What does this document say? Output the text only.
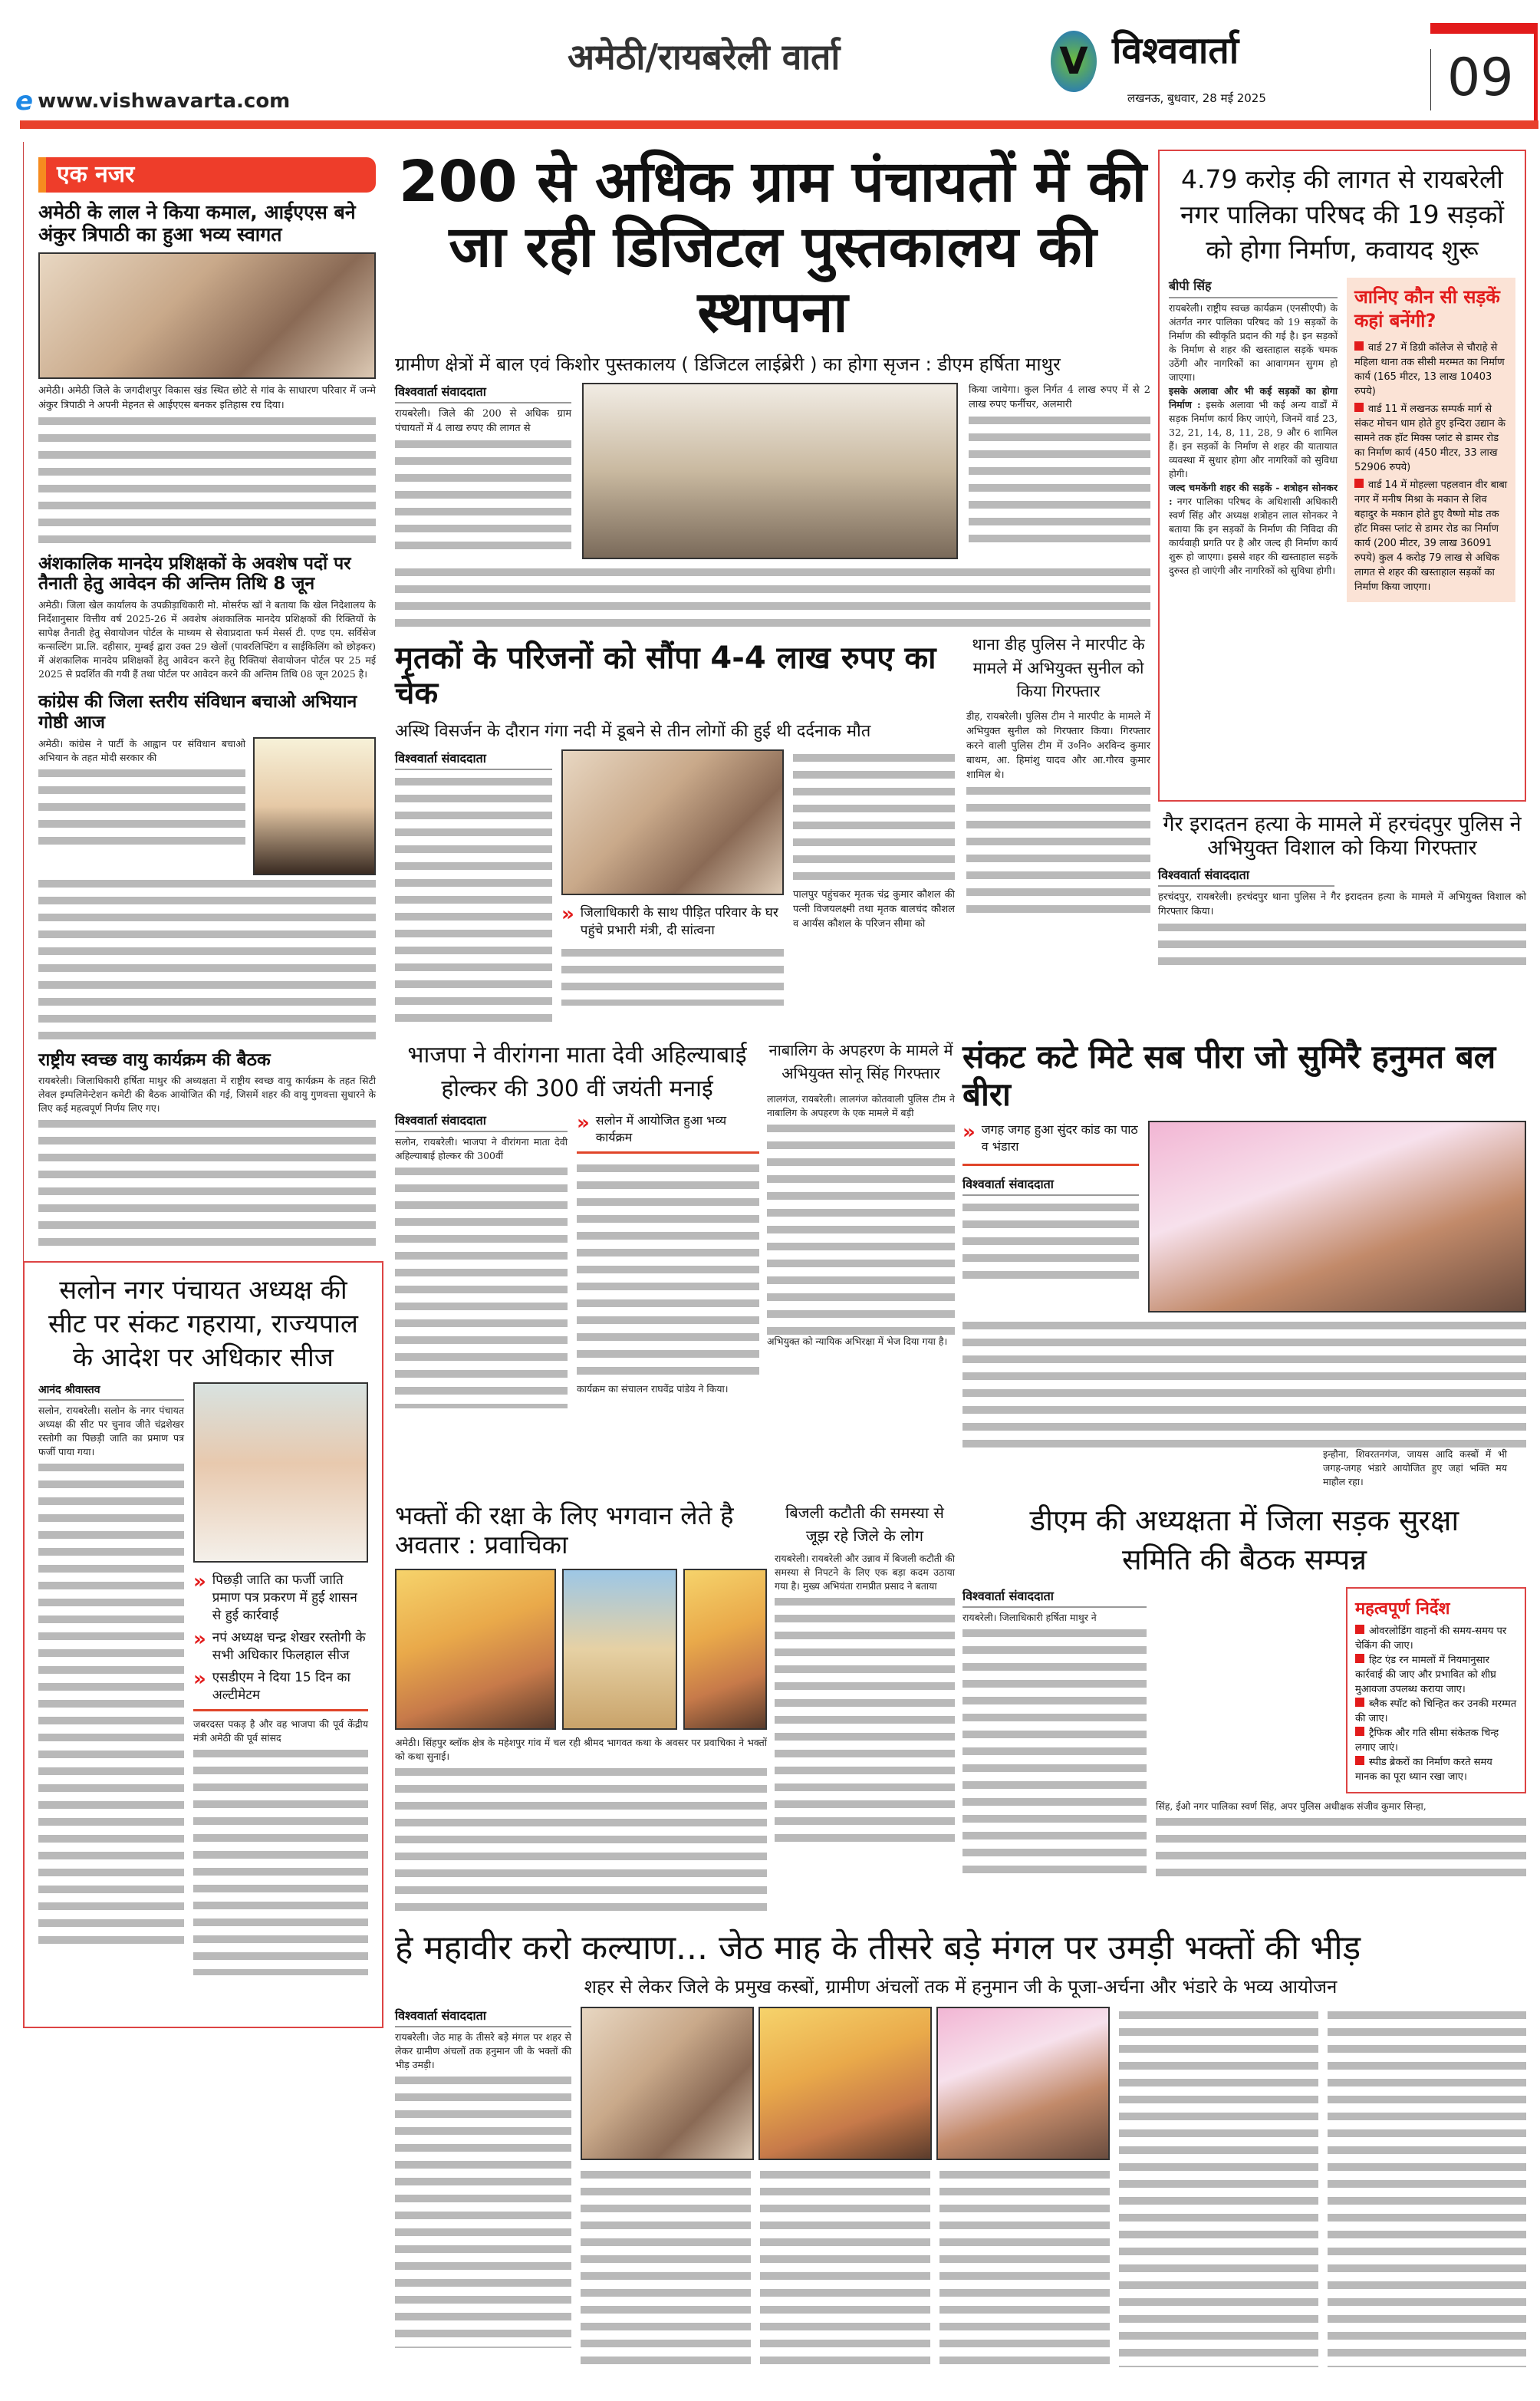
e www.vishwavarta.com
अमेठी/रायबरेली वार्ता	V विश्ववार्ता
लखनऊ, बुधवार, 28 मई 2025	09
एक नजर
अमेठी के लाल ने किया कमाल, आईएएस बने अंकुर त्रिपाठी का हुआ भव्य स्वागत
अमेठी। अमेठी जिले के जगदीशपुर विकास खंड स्थित छोटे से गांव के साधारण परिवार में जन्मे अंकुर त्रिपाठी ने अपनी मेहनत से आईएएस बनकर इतिहास रच दिया।
अंशकालिक मानदेय प्रशिक्षकों के अवशेष पदों पर तैनाती हेतु आवेदन की अन्तिम तिथि 8 जून
अमेठी। जिला खेल कार्यालय के उपक्रीड़ाधिकारी मो. मोसर्रफ खॉ ने बताया कि खेल निदेशालय के निर्देशानुसार वित्तीय वर्ष 2025-26 में अवशेष अंशकालिक मानदेय प्रशिक्षकों की रिक्तियों के सापेक्ष तैनाती हेतु सेवायोजन पोर्टल के माध्यम से सेवाप्रदाता फर्म मेसर्स टी. एण्ड एम. सर्विसेज कन्सल्टिंग प्रा.लि. दहीसार, मुम्बई द्वारा उक्त 29 खेलों (पावरलिफ्टिंग व साईकिलिंग को छोड़कर) में अंशकालिक मानदेय प्रशिक्षकों हेतु आवेदन करने हेतु रिक्तियां सेवायोजन पोर्टल पर 25 मई 2025 से प्रदर्शित की गयी हैं तथा पोर्टल पर आवेदन करने की अन्तिम तिथि 08 जून 2025 है।
कांग्रेस की जिला स्तरीय संविधान बचाओ अभियान गोष्ठी आज
अमेठी। कांग्रेस ने पार्टी के आह्वान पर संविधान बचाओ अभियान के तहत मोदी सरकार की
राष्ट्रीय स्वच्छ वायु कार्यक्रम की बैठक
रायबरेली। जिलाधिकारी हर्षिता माथुर की अध्यक्षता में राष्ट्रीय स्वच्छ वायु कार्यक्रम के तहत सिटी लेवल इम्पलिमेन्टेशन कमेटी की बैठक आयोजित की गई, जिसमें शहर की वायु गुणवत्ता सुधारने के लिए कई महत्वपूर्ण निर्णय लिए गए।
सलोन नगर पंचायत अध्यक्ष की सीट पर संकट गहराया, राज्यपाल के आदेश पर अधिकार सीज
आनंद श्रीवास्तव
सलोन, रायबरेली। सलोन के नगर पंचायत अध्यक्ष की सीट पर चुनाव जीते चंद्रशेखर रस्तोगी का पिछड़ी जाति का प्रमाण पत्र फर्जी पाया गया।
» पिछड़ी जाति का फर्जी जाति प्रमाण पत्र प्रकरण में हुई शासन से हुई कार्रवाई
» नपं अध्यक्ष चन्द्र शेखर रस्तोगी के सभी अधिकार फिलहाल सीज
» एसडीएम ने दिया 15 दिन का अल्टीमेटम
जबरदस्त पकड़ है और वह भाजपा की पूर्व केंद्रीय मंत्री अमेठी की पूर्व सांसद
200 से अधिक ग्राम पंचायतों में की जा रही डिजिटल पुस्तकालय की स्थापना
ग्रामीण क्षेत्रों में बाल एवं किशोर पुस्तकालय ( डिजिटल लाईब्रेरी ) का होगा सृजन : डीएम हर्षिता माथुर
विश्ववार्ता संवाददाता
रायबरेली। जिले की 200 से अधिक ग्राम पंचायतों में 4 लाख रुपए की लागत से
किया जायेगा। कुल निर्गत 4 लाख रुपए में से 2 लाख रुपए फर्नीचर, अलमारी
मृतकों के परिजनों को सौंपा 4-4 लाख रुपए का चेक
अस्थि विसर्जन के दौरान गंगा नदी में डूबने से तीन लोगों की हुई थी दर्दनाक मौत
विश्ववार्ता संवाददाता
» जिलाधिकारी के साथ पीड़ित परिवार के घर पहुंचे प्रभारी मंत्री, दी सांत्वना
पालपुर पहुंचकर मृतक चंद्र कुमार कौशल की पत्नी विजयलक्ष्मी तथा मृतक बालचंद कौशल व आर्यंस कौशल के परिजन सीमा को
थाना डीह पुलिस ने मारपीट के मामले में अभियुक्त सुनील को किया गिरफ्तार
डीह, रायबरेली। पुलिस टीम ने मारपीट के मामले में अभियुक्त सुनील को गिरफ्तार किया। गिरफ्तार करने वाली पुलिस टीम में उ०नि० अरविन्द कुमार बाथम, आ. हिमांशु यादव और आ.गौरव कुमार शामिल थे।
4.79 करोड़ की लागत से रायबरेली नगर पालिका परिषद की 19 सड़कों को होगा निर्माण, कवायद शुरू
बीपी सिंह
रायबरेली। राष्ट्रीय स्वच्छ कार्यक्रम (एनसीएपी) के अंतर्गत नगर पालिका परिषद को 19 सड़कों के निर्माण की स्वीकृति प्रदान की गई है। इन सड़कों के निर्माण से शहर की खस्ताहाल सड़कें चमक उठेंगी और नागरिकों का आवागमन सुगम हो जाएगा।
इसके अलावा और भी कई सड़कों का होगा निर्माण : इसके अलावा भी कई अन्य वार्डों में सड़क निर्माण कार्य किए जाएंगे, जिनमें वार्ड 23, 32, 21, 14, 8, 11, 28, 9 और 6 शामिल हैं। इन सड़कों के निर्माण से शहर की यातायात व्यवस्था में सुधार होगा और नागरिकों को सुविधा होगी।
जल्द चमकेंगी शहर की सड़कें - शत्रोहन सोनकर : नगर पालिका परिषद के अधिशासी अधिकारी स्वर्ण सिंह और अध्यक्ष शत्रोहन लाल सोनकर ने बताया कि इन सड़कों के निर्माण की निविदा की कार्यवाही प्रगति पर है और जल्द ही निर्माण कार्य शुरू हो जाएगा। इससे शहर की खस्ताहाल सड़कें दुरुस्त हो जाएंगी और नागरिकों को सुविधा होगी।
जानिए कौन सी सड़कें कहां बनेंगी?
वार्ड 27 में डिग्री कॉलेज से चौराहे से महिला थाना तक सीसी मरम्मत का निर्माण कार्य (165 मीटर, 13 लाख 10403 रुपये)
वार्ड 11 में लखनऊ सम्पर्क मार्ग से संकट मोचन धाम होते हुए इन्दिरा उद्यान के सामने तक हॉट मिक्स प्लांट से डामर रोड का निर्माण कार्य (450 मीटर, 33 लाख 52906 रुपये)
वार्ड 14 में मोहल्ला पहलवान वीर बाबा नगर में मनीष मिश्रा के मकान से शिव बहादुर के मकान होते हुए वैष्णो मोड तक हॉट मिक्स प्लांट से डामर रोड का निर्माण कार्य (200 मीटर, 39 लाख 36091 रुपये) कुल 4 करोड़ 79 लाख से अधिक लागत से शहर की खस्ताहाल सड़कों का निर्माण किया जाएगा।
गैर इरादतन हत्या के मामले में हरचंदपुर पुलिस ने अभियुक्त विशाल को किया गिरफ्तार
विश्ववार्ता संवाददाता
हरचंदपुर, रायबरेली। हरचंदपुर थाना पुलिस ने गैर इरादतन हत्या के मामले में अभियुक्त विशाल को गिरफ्तार किया।
भाजपा ने वीरांगना माता देवी अहिल्याबाई होल्कर की 300 वीं जयंती मनाई
विश्ववार्ता संवाददाता
सलोन, रायबरेली। भाजपा ने वीरांगना माता देवी अहिल्याबाई होल्कर की 300वीं
» सलोन में आयोजित हुआ भव्य कार्यक्रम
कार्यक्रम का संचालन राघवेंद्र पांडेय ने किया।
नाबालिग के अपहरण के मामले में अभियुक्त सोनू सिंह गिरफ्तार
लालगंज, रायबरेली। लालगंज कोतवाली पुलिस टीम ने नाबालिग के अपहरण के एक मामले में बड़ी
अभियुक्त को न्यायिक अभिरक्षा में भेज दिया गया है।
संकट कटे मिटे सब पीरा जो सुमिरै हनुमत बल बीरा
» जगह जगह हुआ सुंदर कांड का पाठ व भंडारा
विश्ववार्ता संवाददाता
इन्हौना, शिवरतनगंज, जायस आदि कस्बों में भी जगह-जगह भंडारे आयोजित हुए जहां भक्ति मय माहौल रहा।
भक्तों की रक्षा के लिए भगवान लेते है अवतार : प्रवाचिका
अमेठी। सिंहपुर ब्लॉक क्षेत्र के महेशपुर गांव में चल रही श्रीमद भागवत कथा के अवसर पर प्रवाचिका ने भक्तों को कथा सुनाई।
बिजली कटौती की समस्या से जूझ रहे जिले के लोग
रायबरेली। रायबरेली और उन्नाव में बिजली कटौती की समस्या से निपटने के लिए एक बड़ा कदम उठाया गया है। मुख्य अभियंता रामप्रीत प्रसाद ने बताया
डीएम की अध्यक्षता में जिला सड़क सुरक्षा समिति की बैठक सम्पन्न
विश्ववार्ता संवाददाता
रायबरेली। जिलाधिकारी हर्षिता माथुर ने	महत्वपूर्ण निर्देश
ओवरलोडिंग वाहनों की समय-समय पर चेकिंग की जाए।
हिट एंड रन मामलों में नियमानुसार कार्रवाई की जाए और प्रभावित को शीघ्र मुआवजा उपलब्ध कराया जाए।
ब्लैक स्पॉट को चिन्हित कर उनकी मरम्मत की जाए।
ट्रैफिक और गति सीमा संकेतक चिन्ह लगाए जाएं।
स्पीड ब्रेकरों का निर्माण करते समय मानक का पूरा ध्यान रखा जाए।
सिंह, ईओ नगर पालिका स्वर्ण सिंह, अपर पुलिस अधीक्षक संजीव कुमार सिन्हा,
हे महावीर करो कल्याण... जेठ माह के तीसरे बड़े मंगल पर उमड़ी भक्तों की भीड़
शहर से लेकर जिले के प्रमुख कस्बों, ग्रामीण अंचलों तक में हनुमान जी के पूजा-अर्चना और भंडारे के भव्य आयोजन
विश्ववार्ता संवाददाता
रायबरेली। जेठ माह के तीसरे बड़े मंगल पर शहर से लेकर ग्रामीण अंचलों तक हनुमान जी के भक्तों की भीड़ उमड़ी।
